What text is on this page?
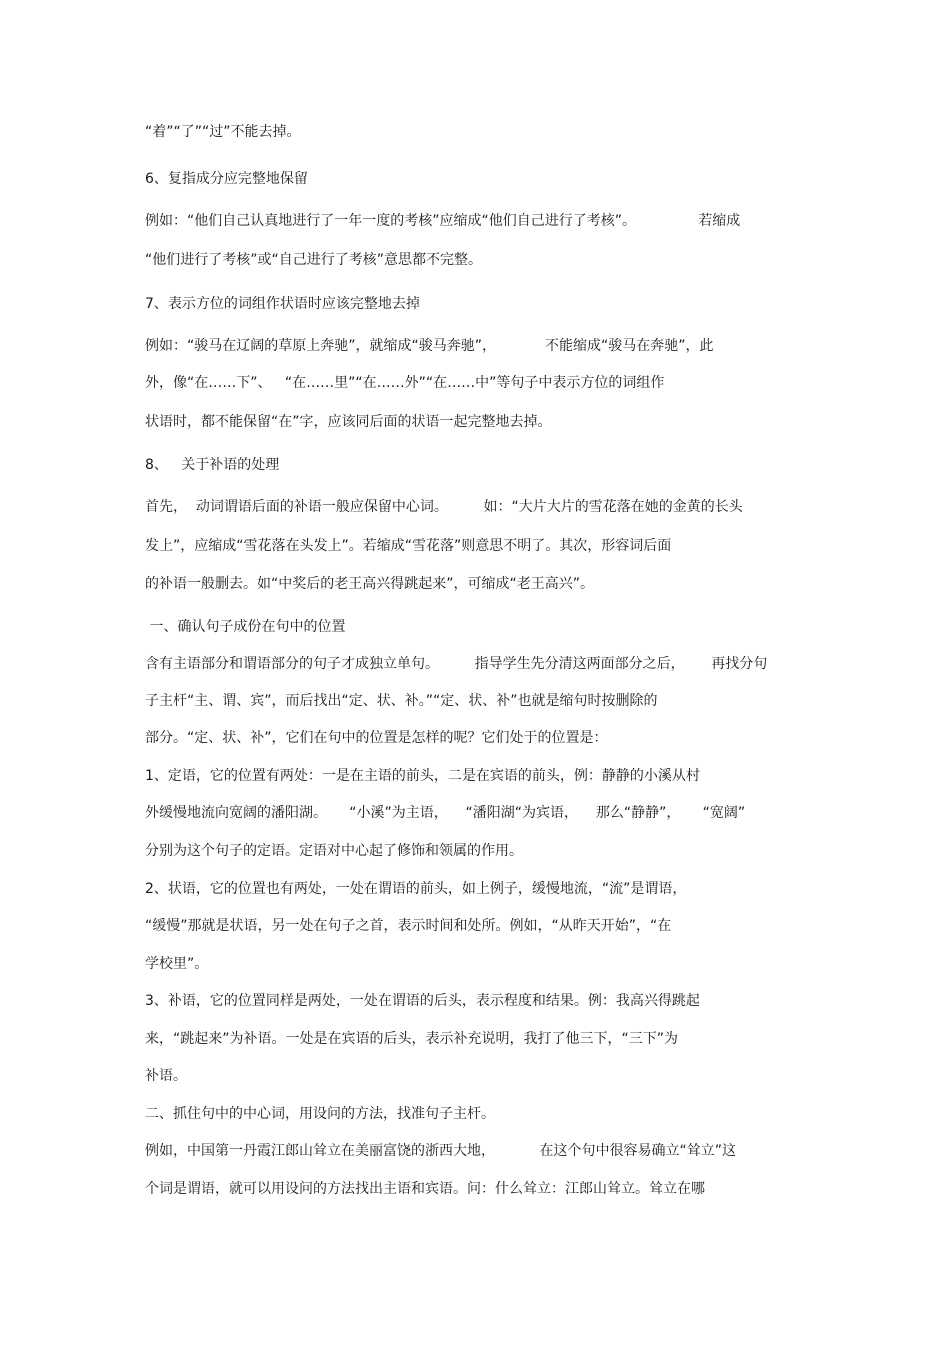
“着”“了”“过”不能去掉。

6、复指成分应完整地保留

例如：“他们自己认真地进行了一年一度的考核”应缩成“他们自己进行了考核”。              若缩成

“他们进行了考核”或“自己进行了考核”意思都不完整。

7、表示方位的词组作状语时应该完整地去掉

例如：“骏马在辽阔的草原上奔驰”，就缩成“骏马奔驰”，           不能缩成“骏马在奔驰”，此

外，像“在……下”、   “在……里”“在……外”“在……中”等句子中表示方位的词组作

状语时，都不能保留“在”字，应该同后面的状语一起完整地去掉。

8、   关于补语的处理

首先，  动词谓语后面的补语一般应保留中心词。        如：“大片大片的雪花落在她的金黄的长头

发上”，应缩成“雪花落在头发上”。若缩成“雪花落”则意思不明了。其次，形容词后面

的补语一般删去。如“中奖后的老王高兴得跳起来”，可缩成“老王高兴”。

一、确认句子成份在句中的位置

含有主语部分和谓语部分的句子才成独立单句。        指导学生先分清这两面部分之后，      再找分句

子主杆“主、谓、宾”，而后找出“定、状、补。”“定、状、补”也就是缩句时按删除的

部分。“定、状、补”，它们在句中的位置是怎样的呢？它们处于的位置是：

1、定语，它的位置有两处：一是在主语的前头，二是在宾语的前头，例：静静的小溪从村

外缓慢地流向宽阔的潘阳湖。     “小溪”为主语，    “潘阳湖“为宾语，    那么“静静”，     “宽阔”

分别为这个句子的定语。定语对中心起了修饰和领属的作用。

2、状语，它的位置也有两处，一处在谓语的前头，如上例子，缓慢地流，“流”是谓语，

“缓慢”那就是状语，另一处在句子之首，表示时间和处所。例如，“从昨天开始”，“在

学校里”。

3、补语，它的位置同样是两处，一处在谓语的后头，表示程度和结果。例：我高兴得跳起

来，“跳起来”为补语。一处是在宾语的后头，表示补充说明，我打了他三下，“三下”为

补语。

二、抓住句中的中心词，用设问的方法，找准句子主杆。

例如，中国第一丹霞江郎山耸立在美丽富饶的浙西大地，          在这个句中很容易确立“耸立”这

个词是谓语，就可以用设问的方法找出主语和宾语。问：什么耸立：江郎山耸立。耸立在哪
